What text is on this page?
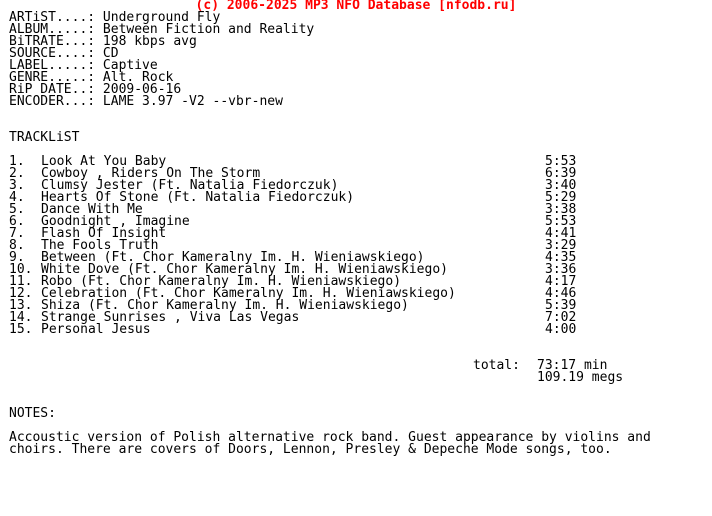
(c) 2006-2025 MP3 NFO Database [nfodb.ru]
ARTiST....: Underground Fly
ALBUM.....: Between Fiction and Reality
BiTRATE...: 198 kbps avg
SOURCE....: CD
LABEL.....: Captive
GENRE.....: Alt. Rock
RiP DATE..: 2009-06-16
ENCODER...: LAME 3.97 -V2 --vbr-new
TRACKLiST
1. Look At You Baby	5:53
2. Cowboy , Riders On The Storm	6:39
3. Clumsy Jester (Ft. Natalia Fiedorczuk)	3:40
4. Hearts Of Stone (Ft. Natalia Fiedorczuk)	5:29
5. Dance With Me	3:38
6. Goodnight , Imagine	5:53
7. Flash Of Insight	4:41
8. The Fools Truth	3:29
9. Between (Ft. Chor Kameralny Im. H. Wieniawskiego)	4:35
10. White Dove (Ft. Chor Kameralny Im. H. Wieniawskiego)	3:36
11. Robo (Ft. Chor Kameralny Im. H. Wieniawskiego)	4:17
12. Celebration (Ft. Chor Kameralny Im. H. Wieniawskiego)	4:46
13. Shiza (Ft. Chor Kameralny Im. H. Wieniawskiego)	5:39
14. Strange Sunrises , Viva Las Vegas	7:02
15. Personal Jesus	4:00
total: 73:17 min
109.19 megs
NOTES:
Accoustic version of Polish alternative rock band. Guest appearance by violins and choirs. There are covers of Doors, Lennon, Presley & Depeche Mode songs, too.
